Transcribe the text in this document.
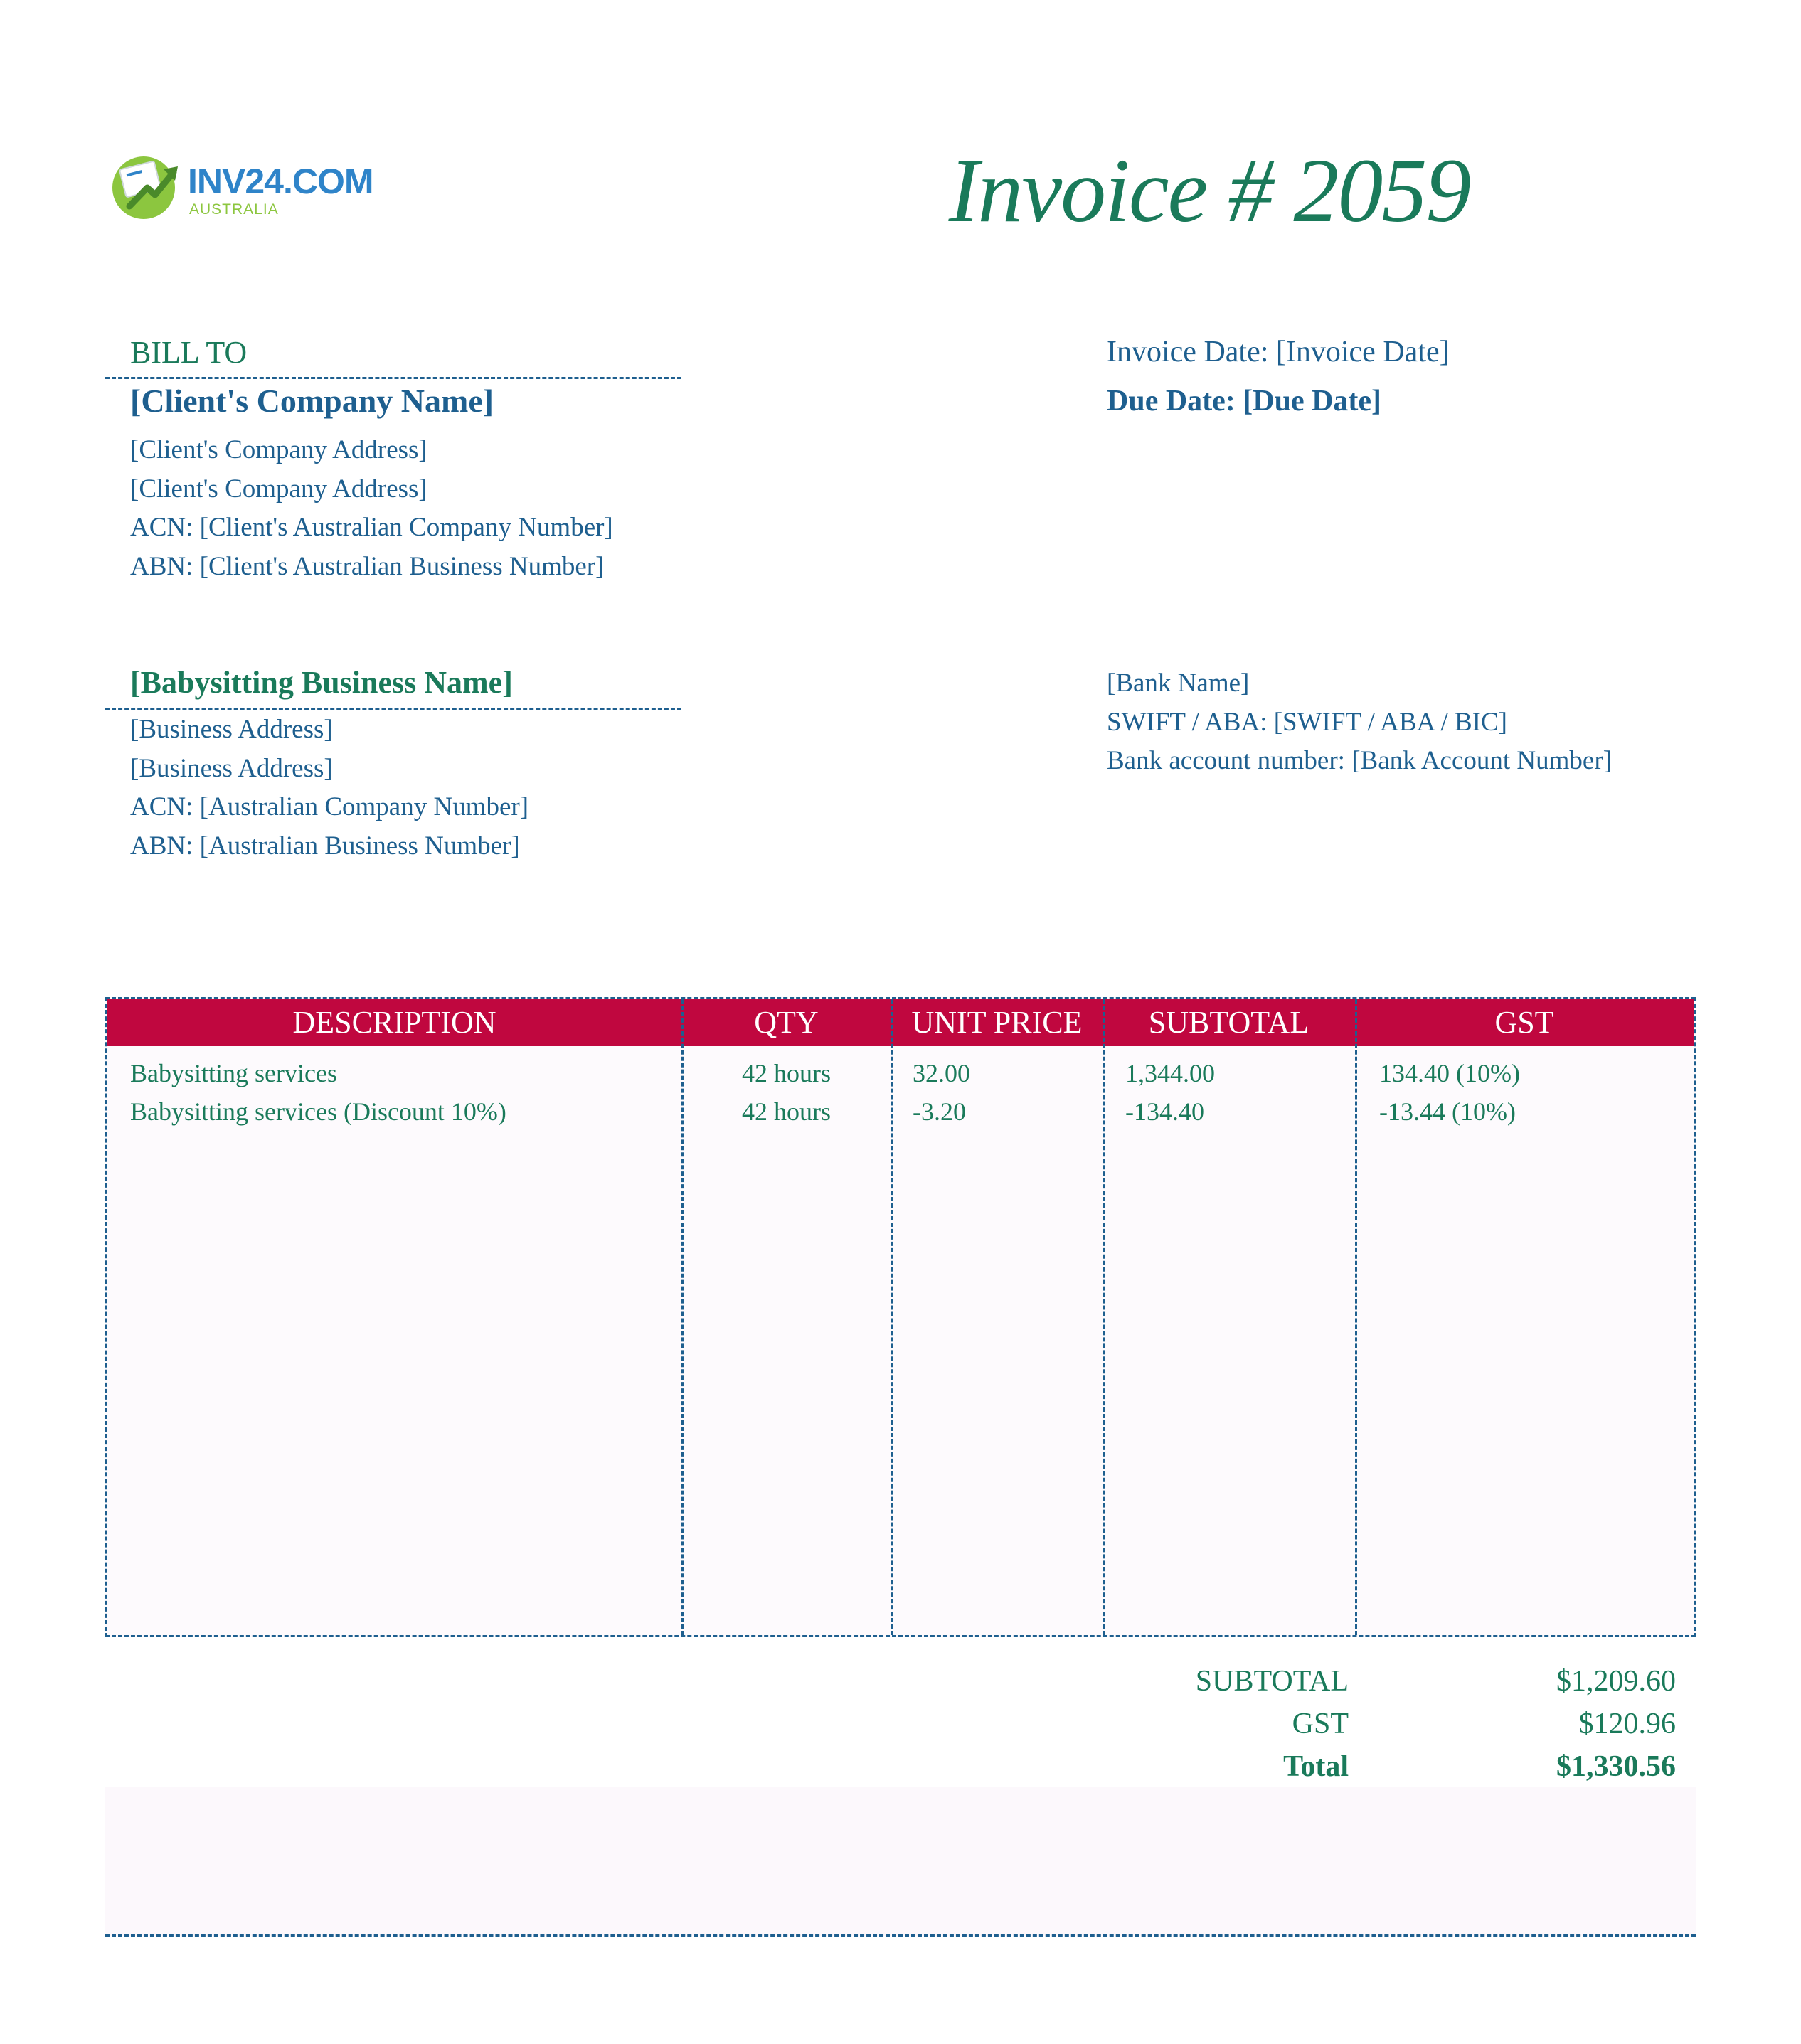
INV24.COM
AUSTRALIA	Invoice # 2059
BILL TO
[Client's Company Name]
[Client's Company Address]
[Client's Company Address]
ACN: [Client's Australian Company Number]
ABN: [Client's Australian Business Number]
Invoice Date: [Invoice Date]
Due Date: [Due Date]
[Babysitting Business Name]
[Business Address]
[Business Address]
ACN: [Australian Company Number]
ABN: [Australian Business Number]
[Bank Name]
SWIFT / ABA: [SWIFT / ABA / BIC]
Bank account number: [Bank Account Number]
DESCRIPTION	QTY	UNIT PRICE	SUBTOTAL	GST
Babysitting services	42 hours	32.00	1,344.00	134.40 (10%)
Babysitting services (Discount 10%)	42 hours	-3.20	-134.40	-13.44 (10%)
SUBTOTAL	$1,209.60
GST	$120.96
Total	$1,330.56
